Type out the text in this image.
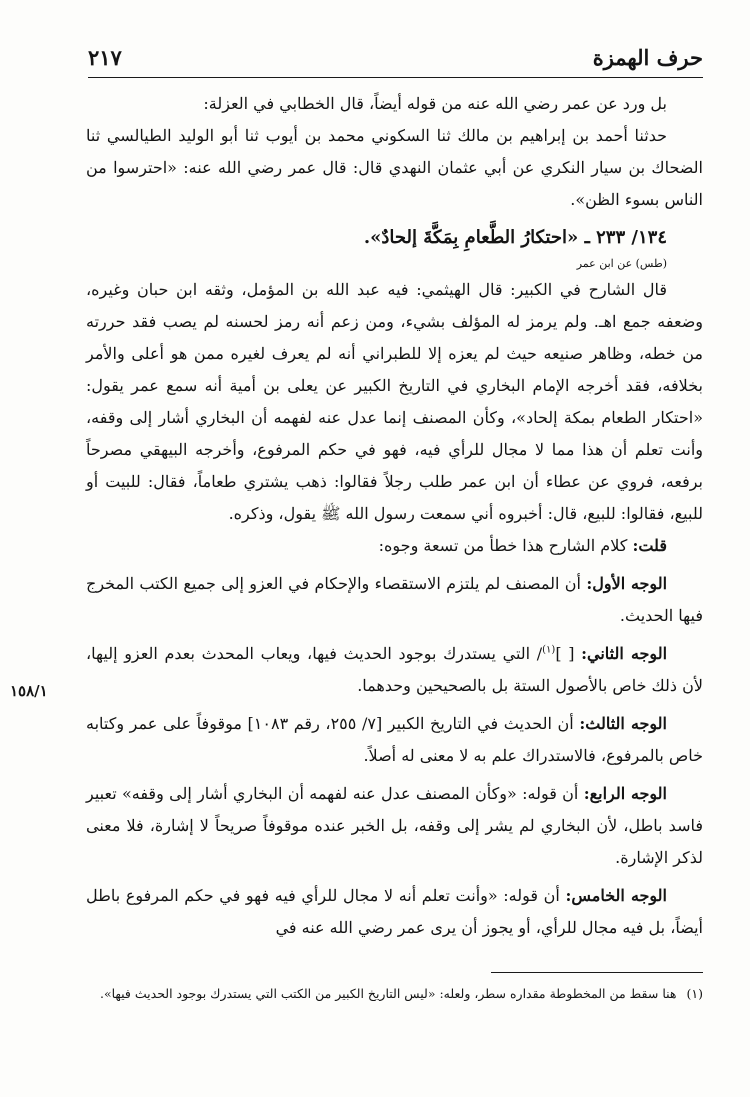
حرف الهمزة
٢١٧

بل ورد عن عمر رضي الله عنه من قوله أيضاً، قال الخطابي في العزلة:

حدثنا أحمد بن إبراهيم بن مالك ثنا السكوني محمد بن أيوب ثنا أبو الوليد الطيالسي ثنا الضحاك بن سيار النكري عن أبي عثمان النهدي قال: قال عمر رضي الله عنه: «احترسوا من الناس بسوء الظن».

١٣٤/ ٢٣٣ ـ «احتكارُ الطَّعامِ بِمَكَّةَ إلحادٌ».

(طس) عن ابن عمر

قال الشارح في الكبير: قال الهيثمي: فيه عبد الله بن المؤمل، وثقه ابن حبان وغيره، وضعفه جمع اهـ. ولم يرمز له المؤلف بشيء، ومن زعم أنه رمز لحسنه لم يصب فقد حررته من خطه، وظاهر صنيعه حيث لم يعزه إلا للطبراني أنه لم يعرف لغيره ممن هو أعلى والأمر بخلافه، فقد أخرجه الإمام البخاري في التاريخ الكبير عن يعلى بن أمية أنه سمع عمر يقول: «احتكار الطعام بمكة إلحاد»، وكأن المصنف إنما عدل عنه لفهمه أن البخاري أشار إلى وقفه، وأنت تعلم أن هذا مما لا مجال للرأي فيه، فهو في حكم المرفوع، وأخرجه البيهقي مصرحاً برفعه، فروي عن عطاء أن ابن عمر طلب رجلاً فقالوا: ذهب يشتري طعاماً، فقال: للبيت أو للبيع، فقالوا: للبيع، قال: أخبروه أني سمعت رسول الله ﷺ يقول، وذكره.

قلت: كلام الشارح هذا خطأ من تسعة وجوه:

الوجه الأول: أن المصنف لم يلتزم الاستقصاء والإحكام في العزو إلى جميع الكتب المخرج فيها الحديث.

الوجه الثاني: [ ]$^{(١)}$/ التي يستدرك بوجود الحديث فيها، ويعاب المحدث بعدم العزو إليها، لأن ذلك خاص بالأصول الستة بل بالصحيحين وحدهما.

الوجه الثالث: أن الحديث في التاريخ الكبير [٧/ ٢٥٥، رقم ١٠٨٣] موقوفاً على عمر وكتابه خاص بالمرفوع، فالاستدراك علم به لا معنى له أصلاً.

الوجه الرابع: أن قوله: «وكأن المصنف عدل عنه لفهمه أن البخاري أشار إلى وقفه» تعبير فاسد باطل، لأن البخاري لم يشر إلى وقفه، بل الخبر عنده موقوفاً صريحاً لا إشارة، فلا معنى لذكر الإشارة.

الوجه الخامس: أن قوله: «وأنت تعلم أنه لا مجال للرأي فيه فهو في حكم المرفوع باطل أيضاً، بل فيه مجال للرأي، أو يجوز أن يرى عمر رضي الله عنه في

١٥٨/١
(١)
هنا سقط من المخطوطة مقداره سطر، ولعله: «ليس التاريخ الكبير من الكتب التي يستدرك بوجود الحديث فيها».
